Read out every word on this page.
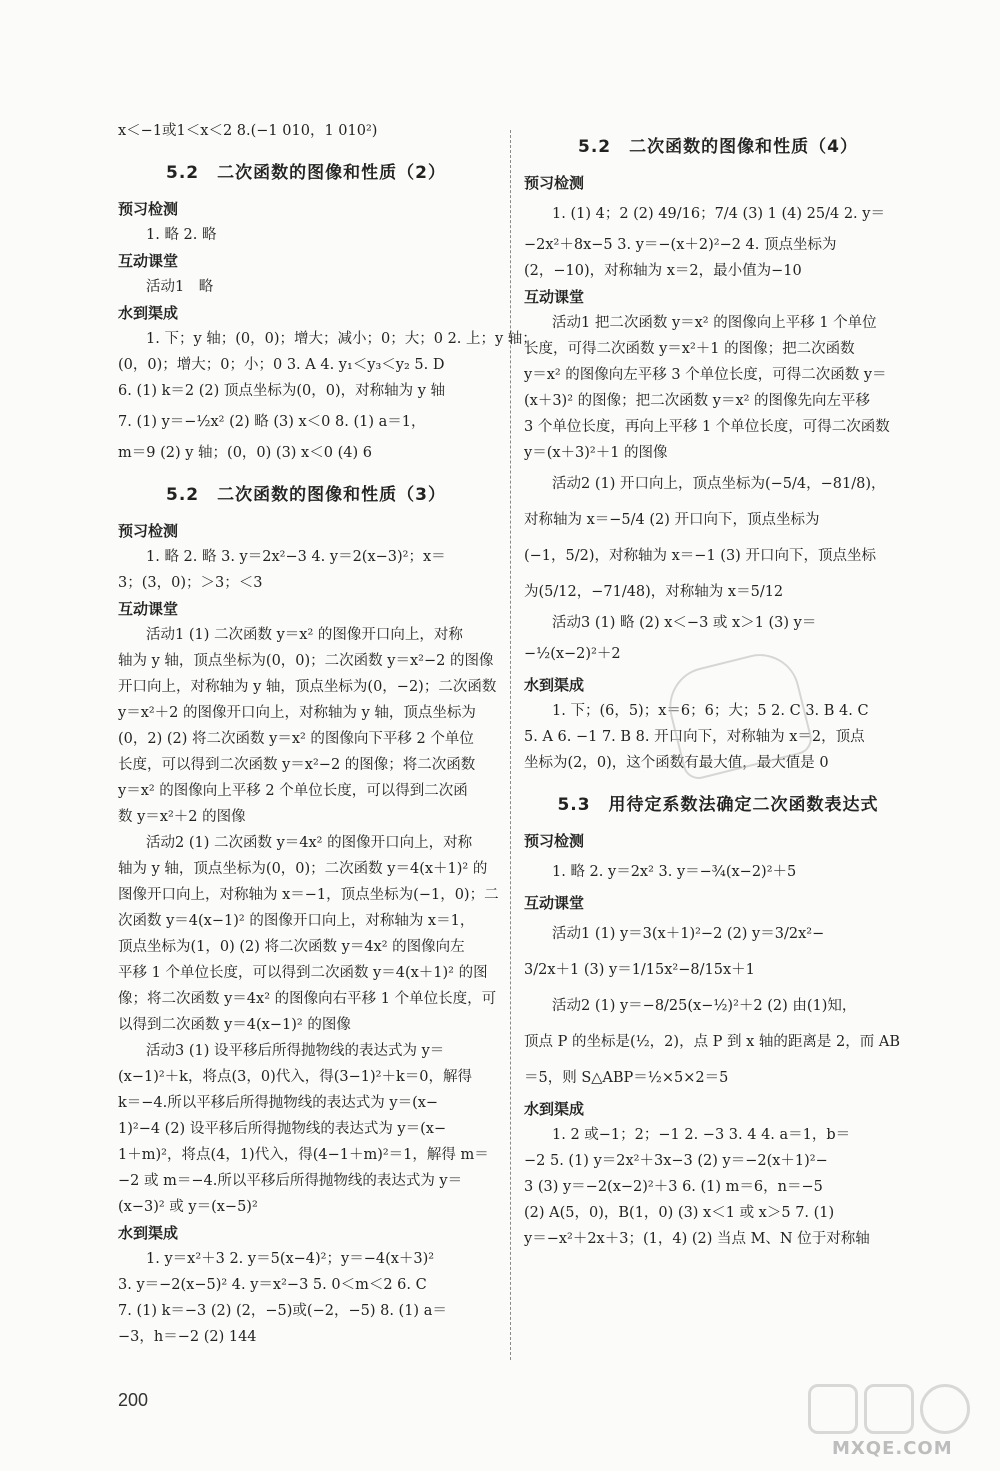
x＜−1或1＜x＜2 8.(−1 010，1 010²)
5.2　二次函数的图像和性质（2）
预习检测
1. 略 2. 略
互动课堂
活动1　略
水到渠成
1. 下；y 轴；(0，0)；增大；减小；0；大；0 2. 上；y 轴；
(0，0)；增大；0；小；0 3. A 4. y₁＜y₃＜y₂ 5. D
6. (1) k＝2 (2) 顶点坐标为(0，0)，对称轴为 y 轴
7. (1) y＝−½x² (2) 略 (3) x＜0 8. (1) a＝1，
m＝9 (2) y 轴；(0，0) (3) x＜0 (4) 6
5.2　二次函数的图像和性质（3）
预习检测
1. 略 2. 略 3. y＝2x²−3 4. y＝2(x−3)²；x＝
3；(3，0)；＞3；＜3
互动课堂
活动1 (1) 二次函数 y＝x² 的图像开口向上，对称
轴为 y 轴，顶点坐标为(0，0)；二次函数 y＝x²−2 的图像
开口向上，对称轴为 y 轴，顶点坐标为(0，−2)；二次函数
y＝x²＋2 的图像开口向上，对称轴为 y 轴，顶点坐标为
(0，2) (2) 将二次函数 y＝x² 的图像向下平移 2 个单位
长度，可以得到二次函数 y＝x²−2 的图像；将二次函数
y＝x² 的图像向上平移 2 个单位长度，可以得到二次函
数 y＝x²＋2 的图像
活动2 (1) 二次函数 y＝4x² 的图像开口向上，对称
轴为 y 轴，顶点坐标为(0，0)；二次函数 y＝4(x＋1)² 的
图像开口向上，对称轴为 x＝−1，顶点坐标为(−1，0)；二
次函数 y＝4(x−1)² 的图像开口向上，对称轴为 x＝1，
顶点坐标为(1，0) (2) 将二次函数 y＝4x² 的图像向左
平移 1 个单位长度，可以得到二次函数 y＝4(x＋1)² 的图
像；将二次函数 y＝4x² 的图像向右平移 1 个单位长度，可
以得到二次函数 y＝4(x−1)² 的图像
活动3 (1) 设平移后所得抛物线的表达式为 y＝
(x−1)²＋k，将点(3，0)代入，得(3−1)²＋k＝0，解得
k＝−4.所以平移后所得抛物线的表达式为 y＝(x−
1)²−4 (2) 设平移后所得抛物线的表达式为 y＝(x−
1＋m)²，将点(4，1)代入，得(4−1＋m)²＝1，解得 m＝
−2 或 m＝−4.所以平移后所得抛物线的表达式为 y＝
(x−3)² 或 y＝(x−5)²
水到渠成
1. y＝x²＋3 2. y＝5(x−4)²；y＝−4(x＋3)²
3. y＝−2(x−5)² 4. y＝x²−3 5. 0＜m＜2 6. C
7. (1) k＝−3 (2) (2，−5)或(−2，−5) 8. (1) a＝
−3，h＝−2 (2) 144
5.2　二次函数的图像和性质（4）
预习检测
1. (1) 4；2 (2) 49/16；7/4 (3) 1 (4) 25/4 2. y＝
−2x²＋8x−5 3. y＝−(x＋2)²−2 4. 顶点坐标为
(2，−10)，对称轴为 x＝2，最小值为−10
互动课堂
活动1 把二次函数 y＝x² 的图像向上平移 1 个单位
长度，可得二次函数 y＝x²＋1 的图像；把二次函数
y＝x² 的图像向左平移 3 个单位长度，可得二次函数 y＝
(x＋3)² 的图像；把二次函数 y＝x² 的图像先向左平移
3 个单位长度，再向上平移 1 个单位长度，可得二次函数
y＝(x＋3)²＋1 的图像
活动2 (1) 开口向上，顶点坐标为(−5/4，−81/8)，
对称轴为 x＝−5/4 (2) 开口向下，顶点坐标为
(−1，5/2)，对称轴为 x＝−1 (3) 开口向下，顶点坐标
为(5/12，−71/48)，对称轴为 x＝5/12
活动3 (1) 略 (2) x＜−3 或 x＞1 (3) y＝
−½(x−2)²＋2
水到渠成
1. 下；(6，5)；x＝6；6；大；5 2. C 3. B 4. C
5. A 6. −1 7. B 8. 开口向下，对称轴为 x＝2，顶点
坐标为(2，0)，这个函数有最大值，最大值是 0
5.3　用待定系数法确定二次函数表达式
预习检测
1. 略 2. y＝2x² 3. y＝−¾(x−2)²＋5
互动课堂
活动1 (1) y＝3(x＋1)²−2 (2) y＝3/2x²−
3/2x＋1 (3) y＝1/15x²−8/15x＋1
活动2 (1) y＝−8/25(x−½)²＋2 (2) 由(1)知，
顶点 P 的坐标是(½，2)，点 P 到 x 轴的距离是 2，而 AB
＝5，则 S△ABP＝½×5×2＝5
水到渠成
1. 2 或−1；2；−1 2. −3 3. 4 4. a＝1，b＝
−2 5. (1) y＝2x²＋3x−3 (2) y＝−2(x＋1)²−
3 (3) y＝−2(x−2)²＋3 6. (1) m＝6，n＝−5
(2) A(5，0)，B(1，0) (3) x＜1 或 x＞5 7. (1)
y＝−x²＋2x＋3；(1，4) (2) 当点 M、N 位于对称轴
200
MXQE.COM
